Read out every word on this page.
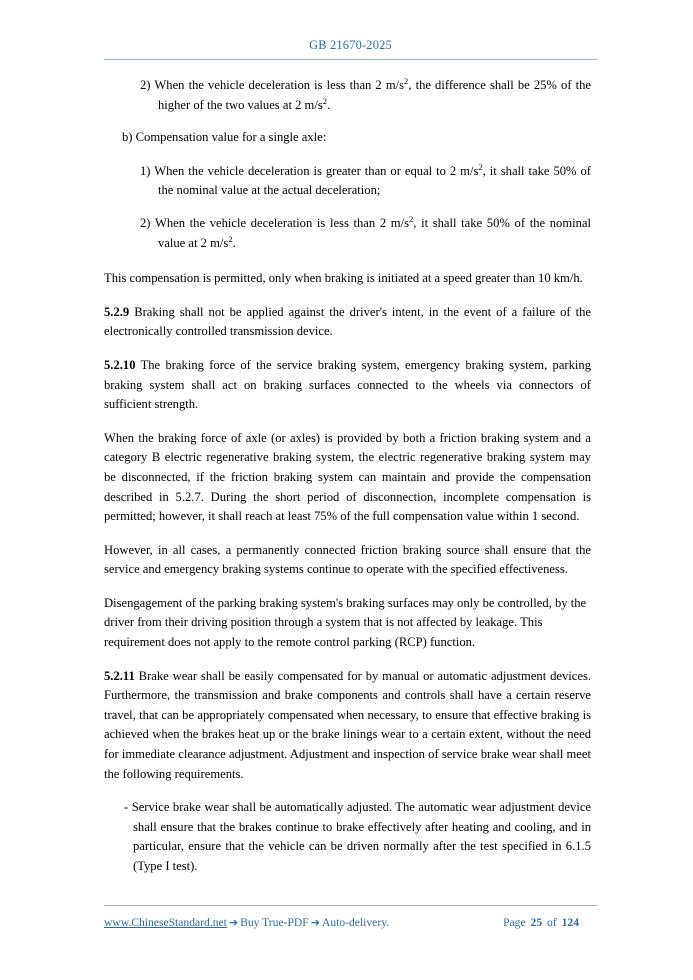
GB 21670-2025

2) When the vehicle deceleration is less than 2 $m/s^2$, the difference shall be 25% of the higher of the two values at 2 $m/s^2$.

b) Compensation value for a single axle:

1) When the vehicle deceleration is greater than or equal to 2 $m/s^2$, it shall take 50% of the nominal value at the actual deceleration;

2) When the vehicle deceleration is less than 2 $m/s^2$, it shall take 50% of the nominal value at 2 $m/s^2$.

This compensation is permitted, only when braking is initiated at a speed greater than 10 km/h.

5.2.9 Braking shall not be applied against the driver's intent, in the event of a failure of the electronically controlled transmission device.

5.2.10 The braking force of the service braking system, emergency braking system, parking braking system shall act on braking surfaces connected to the wheels via connectors of sufficient strength.

When the braking force of axle (or axles) is provided by both a friction braking system and a category B electric regenerative braking system, the electric regenerative braking system may be disconnected, if the friction braking system can maintain and provide the compensation described in 5.2.7. During the short period of disconnection, incomplete compensation is permitted; however, it shall reach at least 75% of the full compensation value within 1 second.

However, in all cases, a permanently connected friction braking source shall ensure that the service and emergency braking systems continue to operate with the specified effectiveness.

Disengagement of the parking braking system's braking surfaces may only be controlled, by the driver from their driving position through a system that is not affected by leakage. This requirement does not apply to the remote control parking (RCP) function.

5.2.11 Brake wear shall be easily compensated for by manual or automatic adjustment devices. Furthermore, the transmission and brake components and controls shall have a certain reserve travel, that can be appropriately compensated when necessary, to ensure that effective braking is achieved when the brakes heat up or the brake linings wear to a certain extent, without the need for immediate clearance adjustment. Adjustment and inspection of service brake wear shall meet the following requirements.

- Service brake wear shall be automatically adjusted. The automatic wear adjustment device shall ensure that the brakes continue to brake effectively after heating and cooling, and in particular, ensure that the vehicle can be driven normally after the test specified in 6.1.5 (Type I test).

www.ChineseStandard.net ➔ Buy True-PDF ➔ Auto-delivery.	Page 25 of 124
